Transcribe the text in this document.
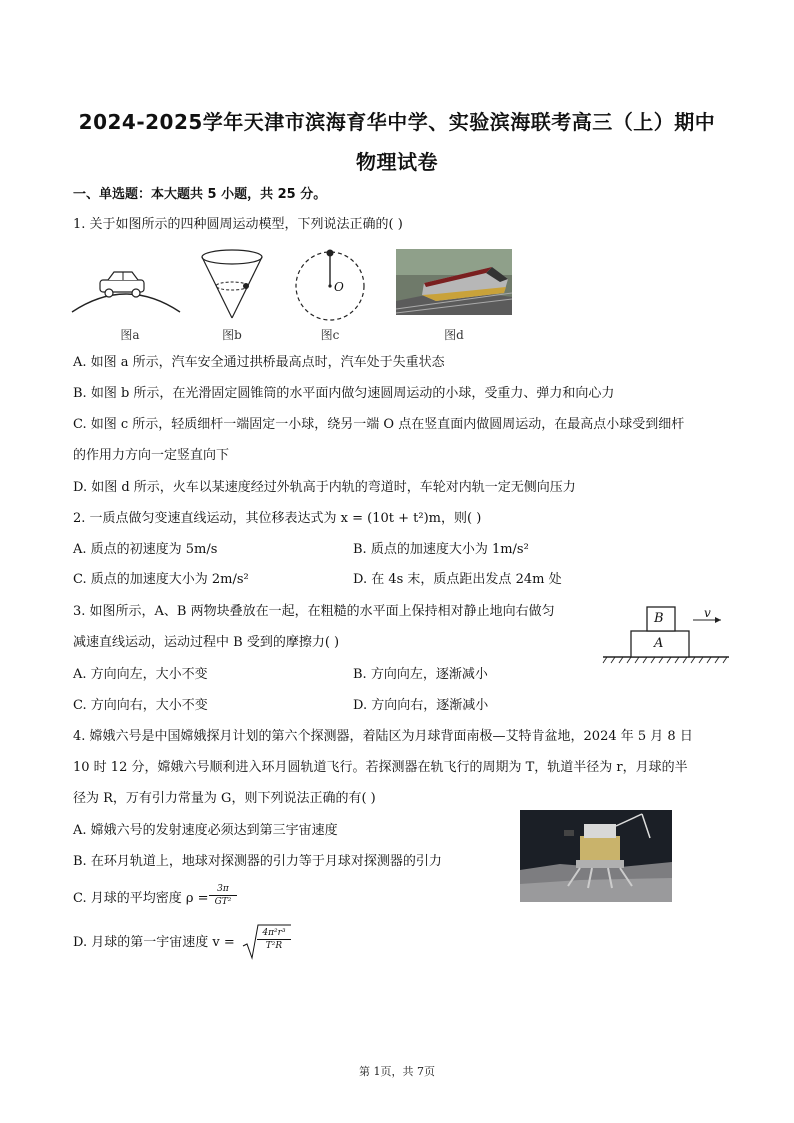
2024-2025学年天津市滨海育华中学、实验滨海联考高三（上）期中
物理试卷
一、单选题：本大题共 5 小题，共 25 分。
1. 关于如图所示的四种圆周运动模型，下列说法正确的( )
图a	图b
O
图c	图d
A. 如图 a 所示，汽车安全通过拱桥最高点时，汽车处于失重状态
B. 如图 b 所示，在光滑固定圆锥筒的水平面内做匀速圆周运动的小球，受重力、弹力和向心力
C. 如图 c 所示，轻质细杆一端固定一小球，绕另一端 O 点在竖直面内做圆周运动，在最高点小球受到细杆
的作用力方向一定竖直向下
D. 如图 d 所示，火车以某速度经过外轨高于内轨的弯道时，车轮对内轨一定无侧向压力
2. 一质点做匀变速直线运动，其位移表达式为 x = (10t + t²)m，则( )
A. 质点的初速度为 5m/s	B. 质点的加速度大小为 1m/s²
C. 质点的加速度大小为 2m/s²	D. 在 4s 末，质点距出发点 24m 处
3. 如图所示，A、B 两物块叠放在一起，在粗糙的水平面上保持相对静止地向右做匀
减速直线运动，运动过程中 B 受到的摩擦力( )
B
A
v
A. 方向向左，大小不变	B. 方向向左，逐渐减小
C. 方向向右，大小不变	D. 方向向右，逐渐减小
4. 嫦娥六号是中国嫦娥探月计划的第六个探测器，着陆区为月球背面南极—艾特肯盆地，2024 年 5 月 8 日
10 时 12 分，嫦娥六号顺利进入环月圆轨道飞行。若探测器在轨飞行的周期为 T，轨道半径为 r，月球的半
径为 R，万有引力常量为 G，则下列说法正确的有( )
A. 嫦娥六号的发射速度必须达到第三宇宙速度
B. 在环月轨道上，地球对探测器的引力等于月球对探测器的引力
C. 月球的平均密度 $\rho = \frac{3\pi}{\text{GT²}}$
D. 月球的第一宇宙速度 $v = \frac{\text{4π²r³}}{\text{T²R}}$
第 1页，共 7页
